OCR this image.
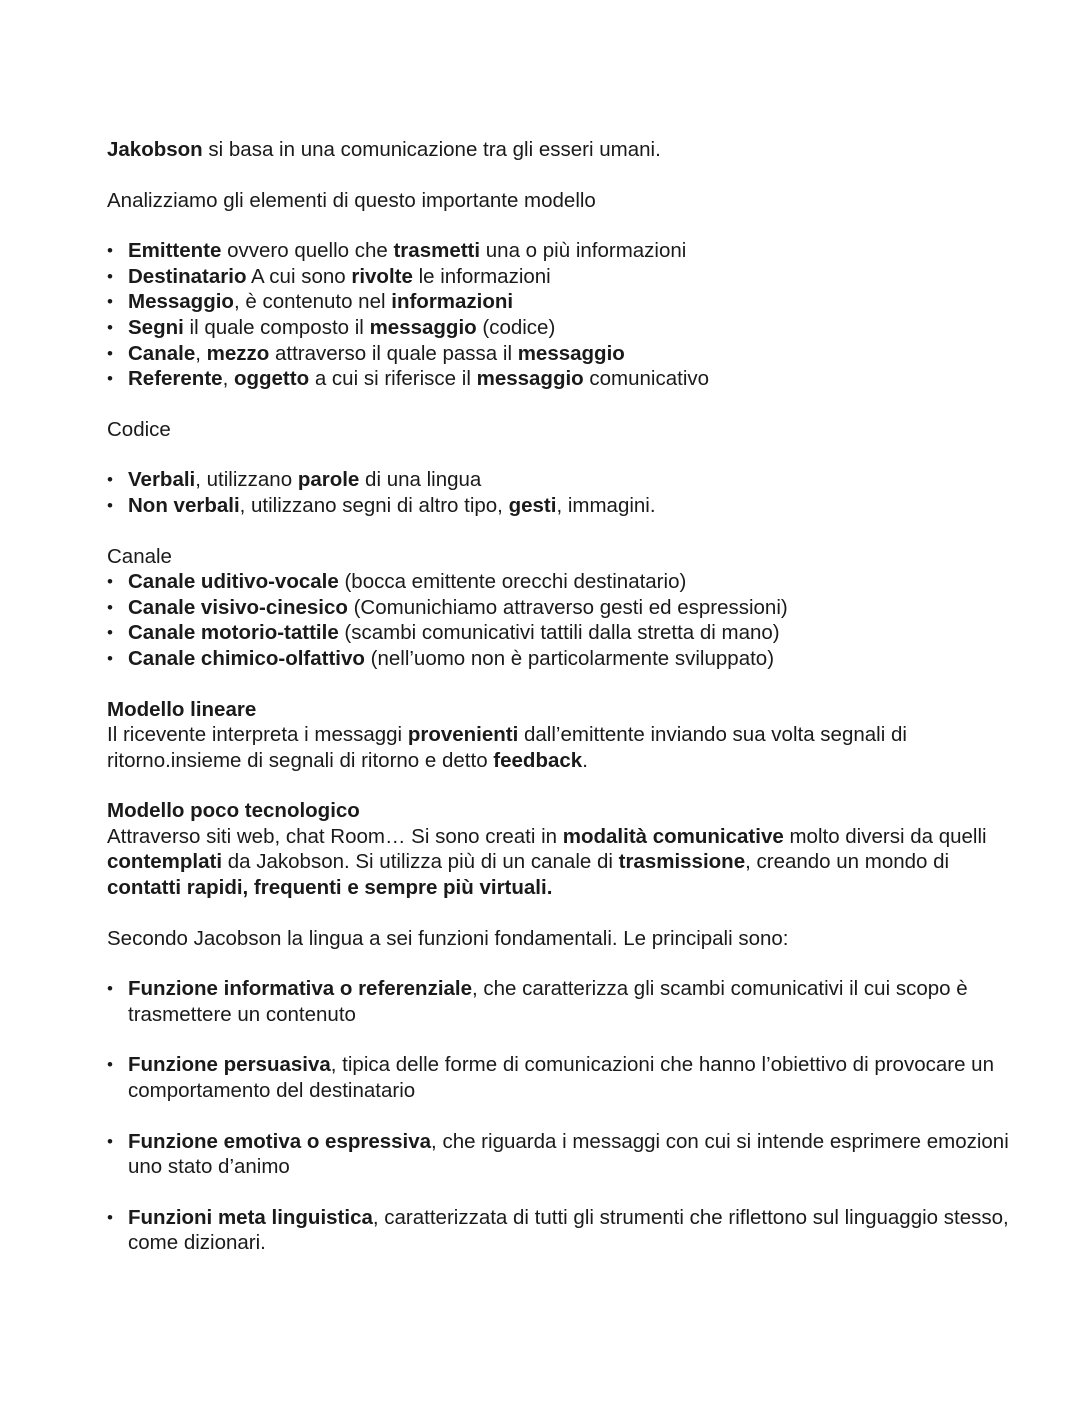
Jakobson si basa in una comunicazione tra gli esseri umani.

Analizziamo gli elementi di questo importante modello

• Emittente ovvero quello che trasmetti una o più informazioni
• Destinatario A cui sono rivolte le informazioni
• Messaggio, è contenuto nel informazioni
• Segni il quale composto il messaggio (codice)
• Canale, mezzo attraverso il quale passa il messaggio
• Referente, oggetto a cui si riferisce il messaggio comunicativo

Codice

• Verbali, utilizzano parole di una lingua
• Non verbali, utilizzano segni di altro tipo, gesti, immagini.

Canale

• Canale uditivo-vocale (bocca emittente orecchi destinatario)
• Canale visivo-cinesico (Comunichiamo attraverso gesti ed espressioni)
• Canale motorio-tattile (scambi comunicativi tattili dalla stretta di mano)
• Canale chimico-olfattivo (nell’uomo non è particolarmente sviluppato)

Modello lineare

Il ricevente interpreta i messaggi provenienti dall’emittente inviando sua volta segnali di ritorno.insieme di segnali di ritorno e detto feedback.

Modello poco tecnologico

Attraverso siti web, chat Room… Si sono creati in modalità comunicative molto diversi da quelli contemplati da Jakobson. Si utilizza più di un canale di trasmissione, creando un mondo di contatti rapidi, frequenti e sempre più virtuali.

Secondo Jacobson la lingua a sei funzioni fondamentali. Le principali sono:

• Funzione informativa o referenziale, che caratterizza gli scambi comunicativi il cui scopo è trasmettere un contenuto
• Funzione persuasiva, tipica delle forme di comunicazioni che hanno l’obiettivo di provocare un comportamento del destinatario
• Funzione emotiva o espressiva, che riguarda i messaggi con cui si intende esprimere emozioni uno stato d’animo
• Funzioni meta linguistica, caratterizzata di tutti gli strumenti che riflettono sul linguaggio stesso, come dizionari.
